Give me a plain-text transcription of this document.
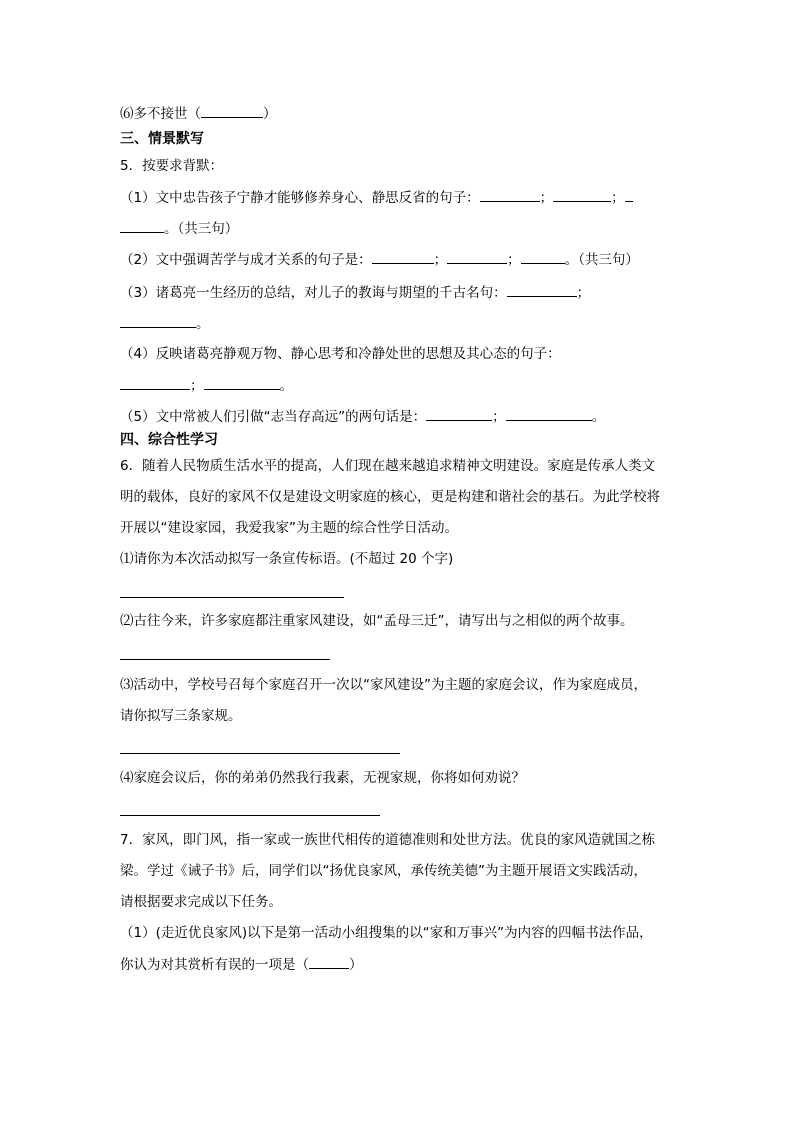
⑹多不接世（	）
三、情景默写
5．按要求背默：
（1）文中忠告孩子宁静才能够修养身心、静思反省的句子：	；	；
。（共三句）
（2）文中强调苦学与成才关系的句子是：	；	；	。（共三句）
（3）诸葛亮一生经历的总结，对儿子的教诲与期望的千古名句：	；
。
（4）反映诸葛亮静观万物、静心思考和冷静处世的思想及其心态的句子：
；	。
（5）文中常被人们引做“志当存高远”的两句话是：	；	。
四、综合性学习
6．随着人民物质生活水平的提高，人们现在越来越追求精神文明建设。家庭是传承人类文
明的载体，良好的家风不仅是建设文明家庭的核心，更是构建和谐社会的基石。为此学校将
开展以“建设家园，我爱我家”为主题的综合性学日活动。
⑴请你为本次活动拟写一条宣传标语。(不超过 20 个字)
⑵古往今来，许多家庭都注重家风建设，如“孟母三迁”，请写出与之相似的两个故事。
⑶活动中，学校号召每个家庭召开一次以“家风建设”为主题的家庭会议，作为家庭成员，
请你拟写三条家规。
⑷家庭会议后，你的弟弟仍然我行我素，无视家规，你将如何劝说？
7．家风，即门风，指一家或一族世代相传的道德准则和处世方法。优良的家风造就国之栋
梁。学过《诫子书》后，同学们以“扬优良家风，承传统美德”为主题开展语文实践活动，
请根据要求完成以下任务。
（1）(走近优良家风)以下是第一活动小组搜集的以“家和万事兴”为内容的四幅书法作品，
你认为对其赏析有误的一项是（	）
